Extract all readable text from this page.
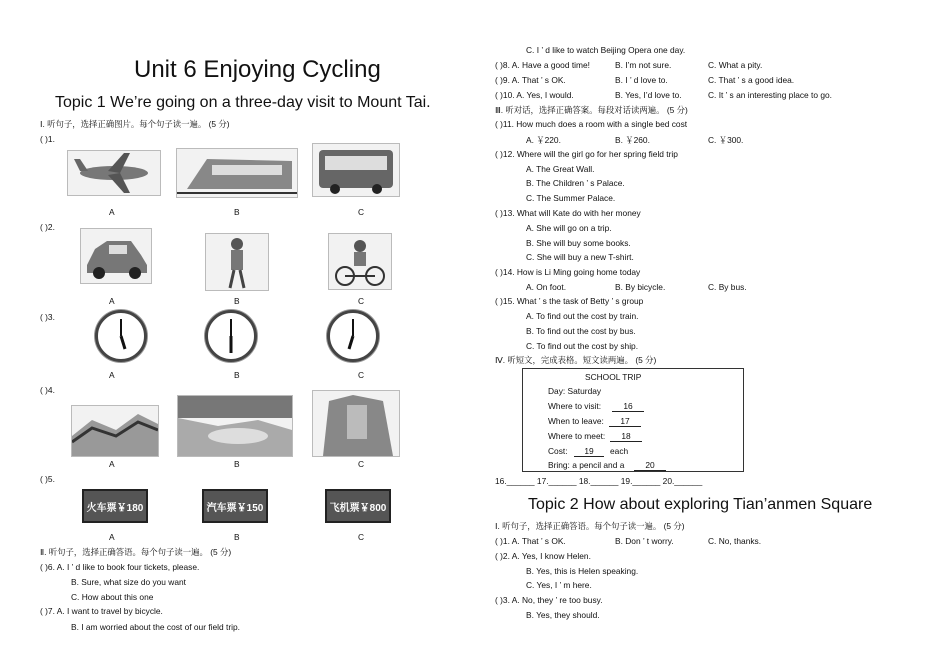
Unit 6 Enjoying Cycling
Topic 1 We’re going on a three-day visit to Mount Tai.
Ⅰ. 听句子，选择正确图片。每个句子读一遍。 (5 分)
( )1.
A	B	C
( )2.
A	B	C
( )3.
A	B	C
( )4.
A	B	C
( )5.
火车票￥180	汽车票￥150	飞机票￥800
A	B	C
Ⅱ. 听句子，选择正确答语。每个句子读一遍。 (5 分)
( )6. A. I ’ d like to book four tickets, please.
B. Sure, what size do you want
C. How about this one
( )7. A. I want to travel by bicycle.
B. I am worried about the cost of our field trip.
C. I ’ d like to watch Beijing Opera one day.
( )8. A. Have a good time!	B. I’m not sure.	C. What a pity.
( )9. A. That ’ s OK.	B. I ’ d love to.	C. That ’ s a good idea.
( )10. A. Yes, I would.	B. Yes, I’d love to.	C. It ’ s an interesting place to go.
Ⅲ. 听对话，选择正确答案。每段对话读两遍。 (5 分)
( )11. How much does a room with a single bed cost
A. ￥220.	B. ￥260.	C. ￥300.
( )12. Where will the girl go for her spring field trip
A. The Great Wall.
B. The Children ’ s Palace.
C. The Summer Palace.
( )13. What will Kate do with her money
A. She will go on a trip.
B. She will buy some books.
C. She will buy a new T-shirt.
( )14. How is Li Ming going home today
A. On foot.	B. By bicycle.	C. By bus.
( )15. What ’ s the task of Betty ’ s group
A. To find out the cost by train.
B. To find out the cost by bus.
C. To find out the cost by ship.
Ⅳ. 听短文，完成表格。短文读两遍。 (5 分)
SCHOOL TRIP
Day: Saturday
Where to visit:	16
When to leave:	17
Where to meet:	18
Cost:	19	each
Bring: a pencil and a	20
16.______ 17.______ 18.______ 19.______ 20.______
Topic 2 How about exploring Tian’anmen Square
Ⅰ. 听句子，选择正确答语。每个句子读一遍。 (5 分)
( )1. A. That ’ s OK.	B. Don ’ t worry.	C. No, thanks.
( )2. A. Yes, I know Helen.
B. Yes, this is Helen speaking.
C. Yes, I ’ m here.
( )3. A. No, they ’ re too busy.
B. Yes, they should.
